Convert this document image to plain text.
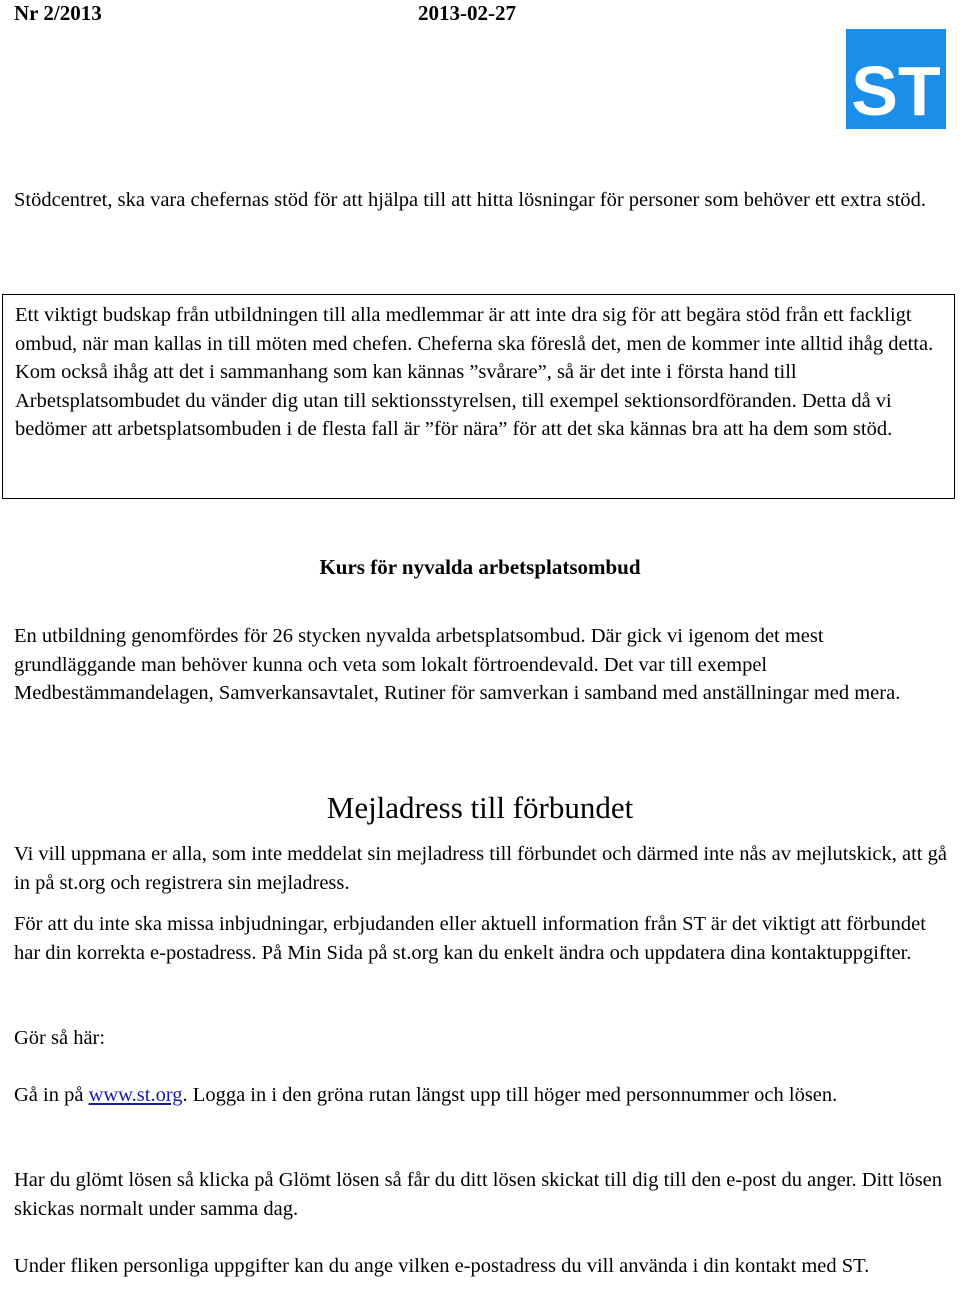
Nr 2/2013	2013-02-27
ST

Stödcentret, ska vara chefernas stöd för att hjälpa till att hitta lösningar för personer som behöver ett extra stöd.

Ett viktigt budskap från utbildningen till alla medlemmar är att inte dra sig för att begära stöd från ett fackligt ombud, när man kallas in till möten med chefen. Cheferna ska föreslå det, men de kommer inte alltid ihåg detta. Kom också ihåg att det i sammanhang som kan kännas ”svårare”, så är det inte i första hand till Arbetsplatsombudet du vänder dig utan till sektionsstyrelsen, till exempel sektionsordföranden. Detta då vi bedömer att arbetsplatsombuden i de flesta fall är ”för nära” för att det ska kännas bra att ha dem som stöd.

Kurs för nyvalda arbetsplatsombud

En utbildning genomfördes för 26 stycken nyvalda arbetsplatsombud. Där gick vi igenom det mest grundläggande man behöver kunna och veta som lokalt förtroendevald. Det var till exempel Medbestämmandelagen, Samverkansavtalet, Rutiner för samverkan i samband med anställningar med mera.

Mejladress till förbundet

Vi vill uppmana er alla, som inte meddelat sin mejladress till förbundet och därmed inte nås av mejlutskick, att gå in på st.org och registrera sin mejladress.

För att du inte ska missa inbjudningar, erbjudanden eller aktuell information från ST är det viktigt att förbundet har din korrekta e-postadress. På Min Sida på st.org kan du enkelt ändra och uppdatera dina kontaktuppgifter.

Gör så här:

Gå in på www.st.org. Logga in i den gröna rutan längst upp till höger med personnummer och lösen.

Har du glömt lösen så klicka på Glömt lösen så får du ditt lösen skickat till dig till den e-post du anger. Ditt lösen skickas normalt under samma dag.

Under fliken personliga uppgifter kan du ange vilken e-postadress du vill använda i din kontakt med ST.
